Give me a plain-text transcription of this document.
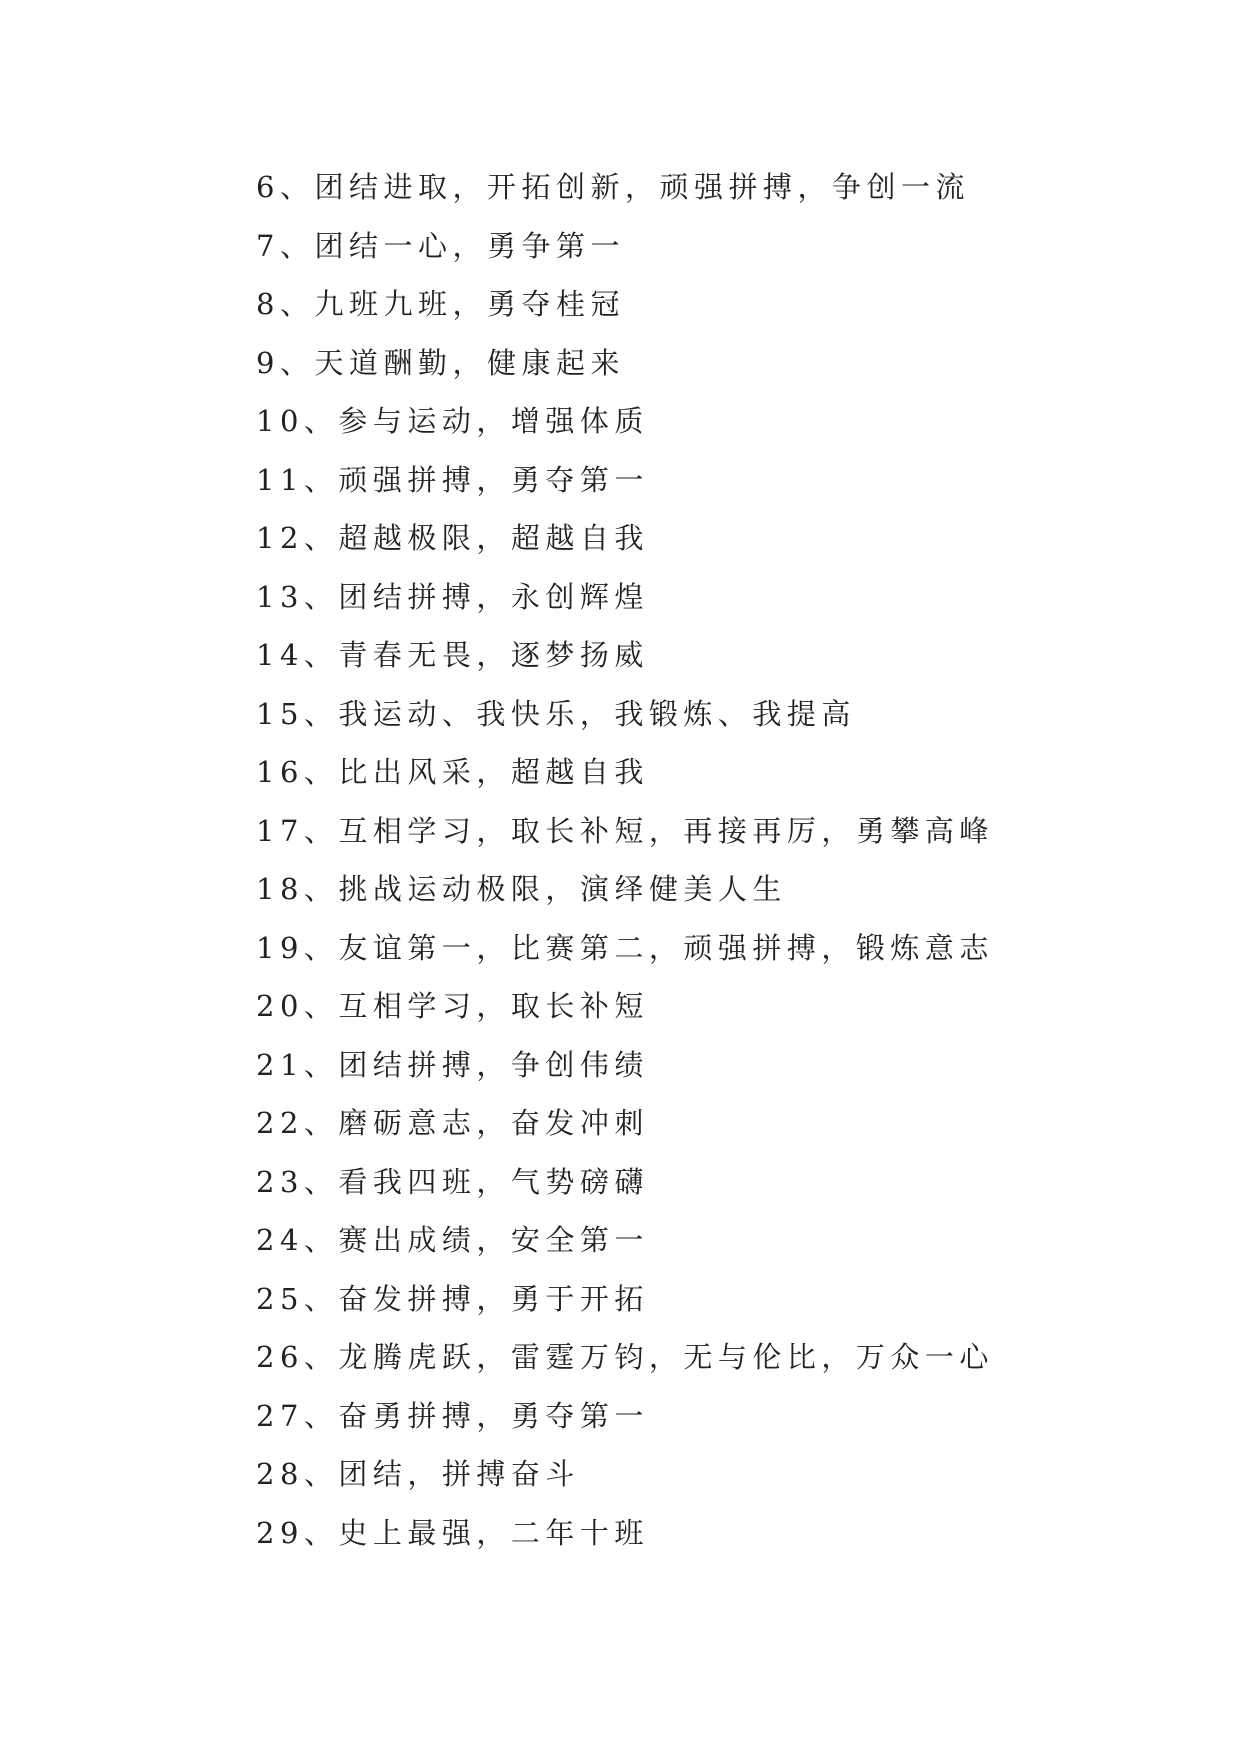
6、团结进取，开拓创新，顽强拼搏，争创一流
7、团结一心，勇争第一
8、九班九班，勇夺桂冠
9、天道酬勤，健康起来
10、参与运动，增强体质
11、顽强拼搏，勇夺第一
12、超越极限，超越自我
13、团结拼搏，永创辉煌
14、青春无畏，逐梦扬威
15、我运动、我快乐，我锻炼、我提高
16、比出风采，超越自我
17、互相学习，取长补短，再接再厉，勇攀高峰
18、挑战运动极限，演绎健美人生
19、友谊第一，比赛第二，顽强拼搏，锻炼意志
20、互相学习，取长补短
21、团结拼搏，争创伟绩
22、磨砺意志，奋发冲刺
23、看我四班，气势磅礴
24、赛出成绩，安全第一
25、奋发拼搏，勇于开拓
26、龙腾虎跃，雷霆万钧，无与伦比，万众一心
27、奋勇拼搏，勇夺第一
28、团结，拼搏奋斗
29、史上最强，二年十班
